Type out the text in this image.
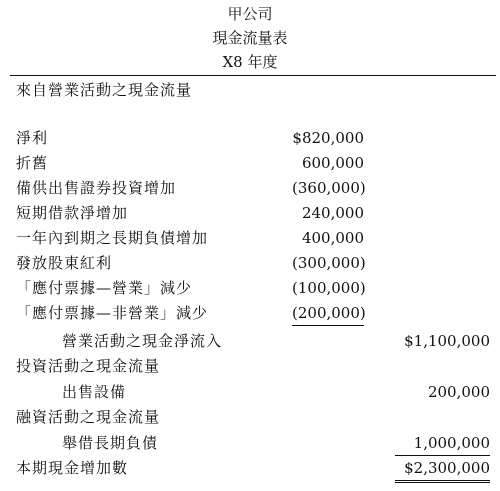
甲公司
現金流量表
X8 年度
來自營業活動之現金流量
淨利	$820,000
折舊	600,000
備供出售證券投資增加	(360,000)
短期借款淨增加	240,000
一年內到期之長期負債增加	400,000
發放股東紅利	(300,000)
「應付票據—營業」減少	(100,000)
「應付票據—非營業」減少	(200,000)
營業活動之現金淨流入	$1,100,000
投資活動之現金流量
出售設備	200,000
融資活動之現金流量
舉借長期負債	1,000,000
本期現金增加數	$2,300,000
